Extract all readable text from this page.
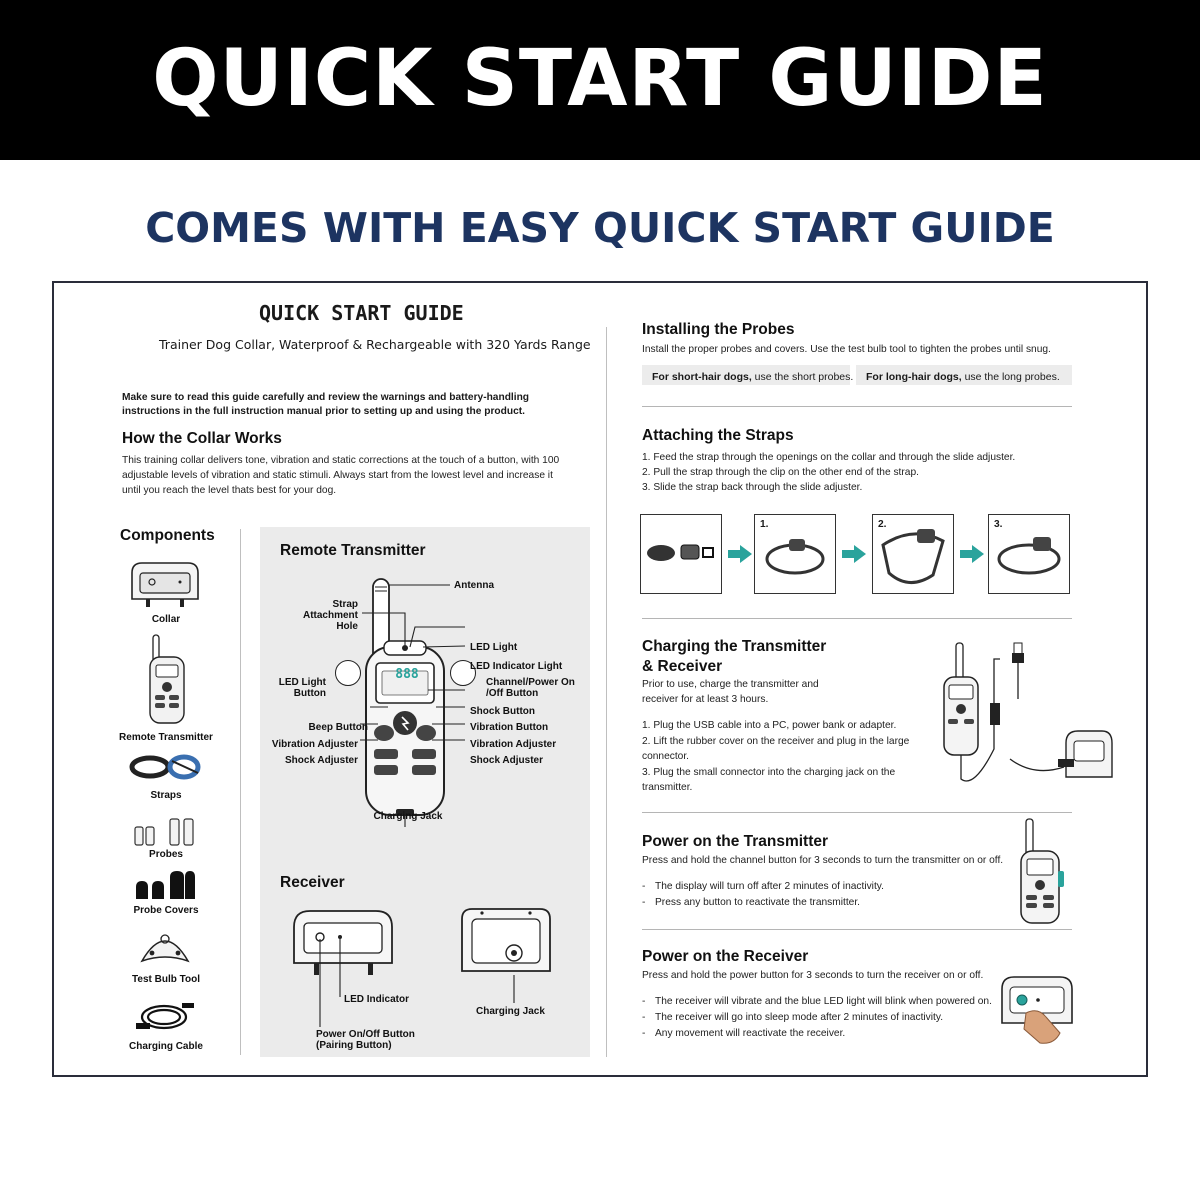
QUICK START GUIDE
COMES WITH EASY QUICK START GUIDE
QUICK START GUIDE
Trainer Dog Collar, Waterproof & Rechargeable with 320 Yards Range
Make sure to read this guide carefully and review the warnings and battery-handling instructions in the full instruction manual prior to setting up and using the product.
How the Collar Works
This training collar delivers tone, vibration and static corrections at the touch of a button, with 100 adjustable levels of vibration and static stimuli. Always start from the lowest level and increase it until you reach the level thats best for your dog.
Components
Collar
Remote Transmitter
Straps
Probes
Probe Covers
Test Bulb Tool
Charging Cable
Remote Transmitter
888
Antenna
Strap
Attachment
Hole
LED Light
LED Indicator Light
LED Light
Button
Channel/Power On
/Off Button
Shock Button
Beep Button	Vibration Button
Vibration Adjuster	Vibration Adjuster
Shock Adjuster	Shock Adjuster
Charging Jack
Receiver
LED Indicator
Power On/Off Button
(Pairing Button)
Charging Jack
Installing the Probes
Install the proper probes and covers. Use the test bulb tool to tighten the probes until snug.
For short-hair dogs, use the short probes.	For long-hair dogs, use the long probes.
Attaching the Straps
1. Feed the strap through the openings on the collar and through the slide adjuster.
2. Pull the strap through the clip on the other end of the strap.
3. Slide the strap back through the slide adjuster.
1.	2.	3.
Charging the Transmitter
& Receiver
Prior to use, charge the transmitter and receiver for at least 3 hours.
1. Plug the USB cable into a PC, power bank or adapter.
2. Lift the rubber cover on the receiver and plug in the large connector.
3. Plug the small connector into the charging jack on the transmitter.
Power on the Transmitter
Press and hold the channel button for 3 seconds to turn the transmitter on or off.
- The display will turn off after 2 minutes of inactivity.
- Press any button to reactivate the transmitter.
Power on the Receiver
Press and hold the power button for 3 seconds to turn the receiver on or off.
- The receiver will vibrate and the blue LED light will blink when powered on.
- The receiver will go into sleep mode after 2 minutes of inactivity.
- Any movement will reactivate the receiver.
